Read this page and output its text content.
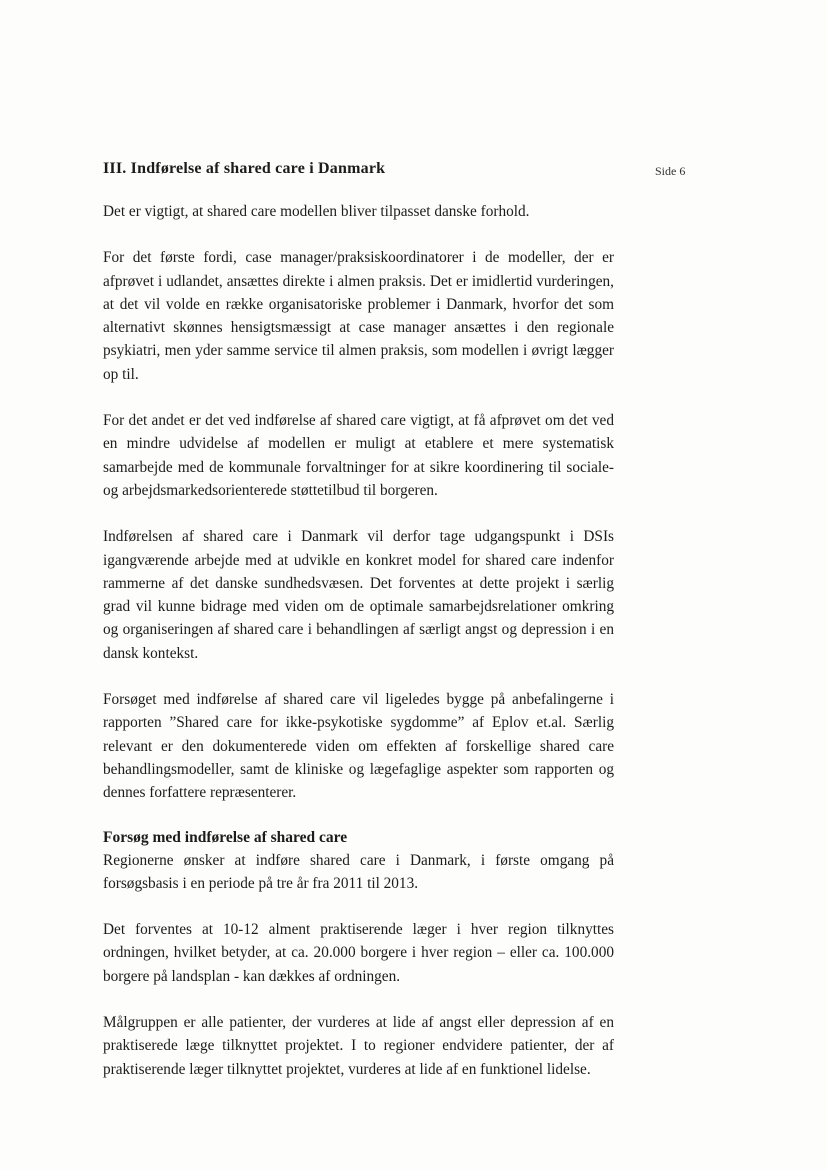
Side 6
III. Indførelse af shared care i Danmark

Det er vigtigt, at shared care modellen bliver tilpasset danske forhold.

For det første fordi, case manager/praksiskoordinatorer i de modeller, der er afprøvet i udlandet, ansættes direkte i almen praksis. Det er imidlertid vurderingen, at det vil volde en række organisatoriske problemer i Danmark, hvorfor det som alternativt skønnes hensigtsmæssigt at case manager ansættes i den regionale psykiatri, men yder samme service til almen praksis, som modellen i øvrigt lægger op til.

For det andet er det ved indførelse af shared care vigtigt, at få afprøvet om det ved en mindre udvidelse af modellen er muligt at etablere et mere systematisk samarbejde med de kommunale forvaltninger for at sikre koordinering til sociale- og arbejdsmarkedsorienterede støttetilbud til borgeren.

Indførelsen af shared care i Danmark vil derfor tage udgangspunkt i DSIs igangværende arbejde med at udvikle en konkret model for shared care indenfor rammerne af det danske sundhedsvæsen. Det forventes at dette projekt i særlig grad vil kunne bidrage med viden om de optimale samarbejdsrelationer omkring og organiseringen af shared care i behandlingen af særligt angst og depression i en dansk kontekst.

Forsøget med indførelse af shared care vil ligeledes bygge på anbefalingerne i rapporten ”Shared care for ikke-psykotiske sygdomme” af Eplov et.al. Særlig relevant er den dokumenterede viden om effekten af forskellige shared care behandlingsmodeller, samt de kliniske og lægefaglige aspekter som rapporten og dennes forfattere repræsenterer.

Forsøg med indførelse af shared care

Regionerne ønsker at indføre shared care i Danmark, i første omgang på forsøgsbasis i en periode på tre år fra 2011 til 2013.

Det forventes at 10-12 alment praktiserende læger i hver region tilknyttes ordningen, hvilket betyder, at ca. 20.000 borgere i hver region – eller ca. 100.000 borgere på landsplan - kan dækkes af ordningen.

Målgruppen er alle patienter, der vurderes at lide af angst eller depression af en praktiserede læge tilknyttet projektet. I to regioner endvidere patienter, der af praktiserende læger tilknyttet projektet, vurderes at lide af en funktionel lidelse.
